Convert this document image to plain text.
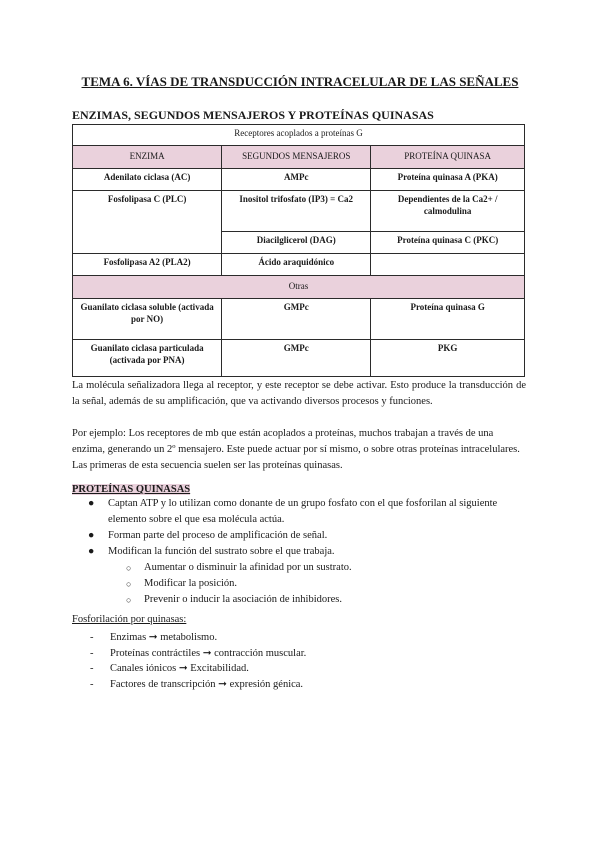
TEMA 6. VÍAS DE TRANSDUCCIÓN INTRACELULAR DE LAS SEÑALES
ENZIMAS, SEGUNDOS MENSAJEROS Y PROTEÍNAS QUINASAS
Receptores acoplados a proteínas G		
ENZIMA	SEGUNDOS MENSAJEROS	PROTEÍNA QUINASA
Adenilato ciclasa (AC)	AMPc	Proteína quinasa A (PKA)
Fosfolipasa C (PLC)	Inositol trifosfato (IP3) = Ca2	Dependientes de la Ca2+ / calmodulina
	Diacilglicerol (DAG)	Proteína quinasa C (PKC)
Fosfolipasa A2 (PLA2)	Ácido araquidónico	
Otras		
Guanilato ciclasa soluble (activada por NO)	GMPc	Proteína quinasa G
Guanilato ciclasa particulada (activada por PNA)	GMPc	PKG
La molécula señalizadora llega al receptor, y este receptor se debe activar. Esto produce la transducción de la señal, además de su amplificación, que va activando diversos procesos y funciones.
Por ejemplo: Los receptores de mb que están acoplados a proteínas, muchos trabajan a través de una enzima, generando un 2º mensajero. Este puede actuar por sí mismo, o sobre otras proteínas intracelulares. Las primeras de esta secuencia suelen ser las proteínas quinasas.
PROTEÍNAS QUINASAS
● Captan ATP y lo utilizan como donante de un grupo fosfato con el que fosforilan al siguiente elemento sobre el que esa molécula actúa.
● Forman parte del proceso de amplificación de señal.
● Modifican la función del sustrato sobre el que trabaja.
○ Aumentar o disminuir la afinidad por un sustrato.
○ Modificar la posición.
○ Prevenir o inducir la asociación de inhibidores.
Fosforilación por quinasas:
- Enzimas ➞ metabolismo.
- Proteínas contráctiles ➞ contracción muscular.
- Canales iónicos ➞ Excitabilidad.
- Factores de transcripción ➞ expresión génica.
